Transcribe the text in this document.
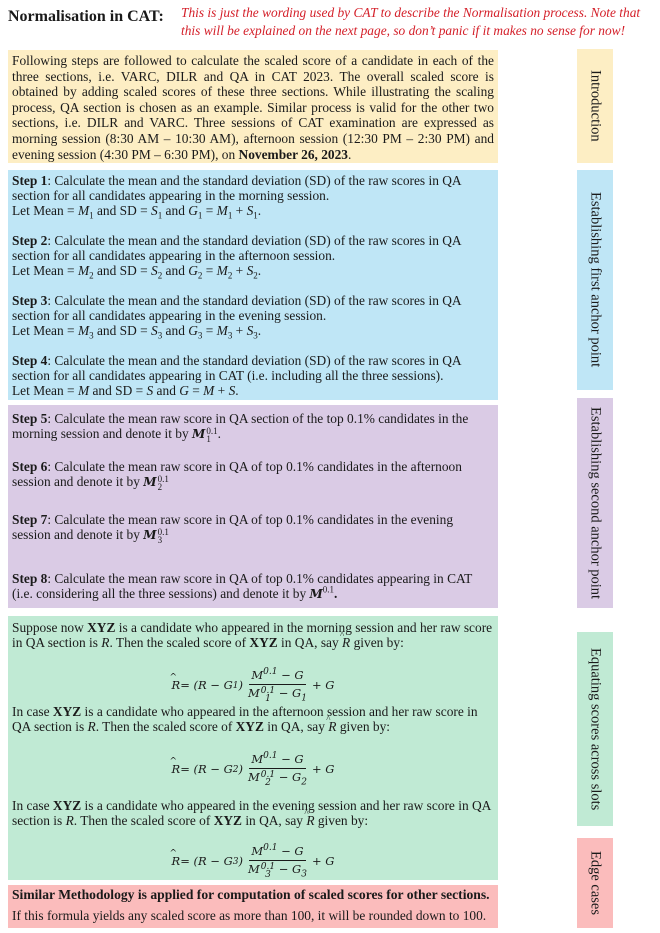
Normalisation in CAT: This is just the wording used by CAT to describe the Normalisation process. Note that this will be explained on the next page, so don’t panic if it makes no sense for now!
Following steps are followed to calculate the scaled score of a candidate in each of the three sections, i.e. VARC, DILR and QA in CAT 2023. The overall scaled score is obtained by adding scaled scores of these three sections. While illustrating the scaling process, QA section is chosen as an example. Similar process is valid for the other two sections, i.e. DILR and VARC. Three sessions of CAT examination are expressed as morning session (8:30 AM – 10:30 AM), afternoon session (12:30 PM – 2:30 PM) and evening session (4:30 PM – 6:30 PM), on November 26, 2023.
Step 1: Calculate the mean and the standard deviation (SD) of the raw scores in QA section for all candidates appearing in the morning session.
Let Mean = $M_1$ and SD = $S_1$ and $G_1 = M_1 + S_1$.
Step 2: Calculate the mean and the standard deviation (SD) of the raw scores in QA section for all candidates appearing in the afternoon session.
Let Mean = $M_2$ and SD = $S_2$ and $G_2 = M_2 + S_2$.
Step 3: Calculate the mean and the standard deviation (SD) of the raw scores in QA section for all candidates appearing in the evening session.
Let Mean = $M_3$ and SD = $S_3$ and $G_3 = M_3 + S_3$.
Step 4: Calculate the mean and the standard deviation (SD) of the raw scores in QA section for all candidates appearing in CAT (i.e. including all the three sessions).
Let Mean = M and SD = S and G = M + S.
Step 5: Calculate the mean raw score in QA section of the top 0.1% candidates in the morning session and denote it by M 0.1
1 .
Step 6: Calculate the mean raw score in QA of top 0.1% candidates in the afternoon session and denote it by M 0.1
2
Step 7: Calculate the mean raw score in QA of top 0.1% candidates in the evening session and denote it by M 0.1
3
Step 8: Calculate the mean raw score in QA of top 0.1% candidates appearing in CAT (i.e. considering all the three sessions) and denote it by $M^{0.1}$.
Suppose now XYZ is a candidate who appeared in the morning session and her raw score in QA section is R. Then the scaled score of XYZ in QA, say ^ R given by:
^ R = (R − G 1 ) $M^{0.1} - G$
M 0.1
$1 - G_1 + G$
In case XYZ is a candidate who appeared in the afternoon session and her raw score in QA section is R. Then the scaled score of XYZ in QA, say ^ R given by:
^ R = (R − G 2 ) $M^{0.1} - G$
M 0.1
$2 - G_2 + G$
In case XYZ is a candidate who appeared in the evening session and her raw score in QA section is R. Then the scaled score of XYZ in QA, say ^ R given by:
^ R = (R − G 3 ) $M^{0.1} - G$
M 0.1
$3 - G_3 + G$
Similar Methodology is applied for computation of scaled scores for other sections.
If this formula yields any scaled score as more than 100, it will be rounded down to 100.
Introduction
Establishing first anchor point
Establishing second anchor point
Equating scores across slots
Edge cases
